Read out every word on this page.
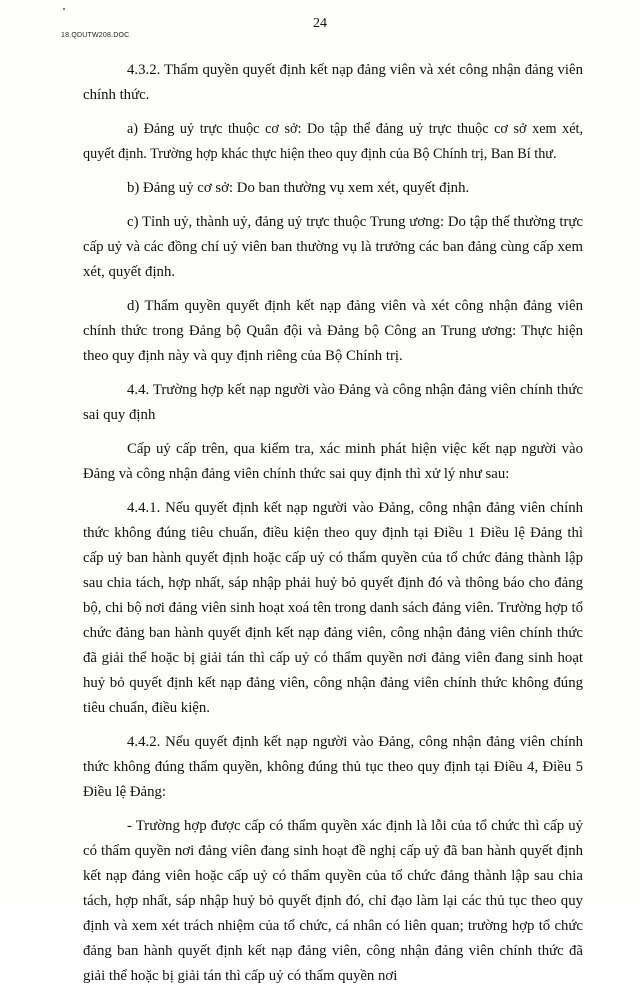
18.QDUTW208.DOC
24

4.3.2. Thẩm quyền quyết định kết nạp đảng viên và xét công nhận đảng viên chính thức.

a) Đảng uỷ trực thuộc cơ sở: Do tập thể đảng uỷ trực thuộc cơ sở xem xét, quyết định. Trường hợp khác thực hiện theo quy định của Bộ Chính trị, Ban Bí thư.

b) Đảng uỷ cơ sở: Do ban thường vụ xem xét, quyết định.

c) Tỉnh uỷ, thành uỷ, đảng uỷ trực thuộc Trung ương: Do tập thể thường trực cấp uỷ và các đồng chí uỷ viên ban thường vụ là trưởng các ban đảng cùng cấp xem xét, quyết định.

d) Thẩm quyền quyết định kết nạp đảng viên và xét công nhận đảng viên chính thức trong Đảng bộ Quân đội và Đảng bộ Công an Trung ương: Thực hiện theo quy định này và quy định riêng của Bộ Chính trị.

4.4. Trường hợp kết nạp người vào Đảng và công nhận đảng viên chính thức sai quy định

Cấp uỷ cấp trên, qua kiểm tra, xác minh phát hiện việc kết nạp người vào Đảng và công nhận đảng viên chính thức sai quy định thì xử lý như sau:

4.4.1. Nếu quyết định kết nạp người vào Đảng, công nhận đảng viên chính thức không đúng tiêu chuẩn, điều kiện theo quy định tại Điều 1 Điều lệ Đảng thì cấp uỷ ban hành quyết định hoặc cấp uỷ có thẩm quyền của tổ chức đảng thành lập sau chia tách, hợp nhất, sáp nhập phải huỷ bỏ quyết định đó và thông báo cho đảng bộ, chi bộ nơi đảng viên sinh hoạt xoá tên trong danh sách đảng viên. Trường hợp tổ chức đảng ban hành quyết định kết nạp đảng viên, công nhận đảng viên chính thức đã giải thể hoặc bị giải tán thì cấp uỷ có thẩm quyền nơi đảng viên đang sinh hoạt huỷ bỏ quyết định kết nạp đảng viên, công nhận đảng viên chính thức không đúng tiêu chuẩn, điều kiện.

4.4.2. Nếu quyết định kết nạp người vào Đảng, công nhận đảng viên chính thức không đúng thẩm quyền, không đúng thủ tục theo quy định tại Điều 4, Điều 5 Điều lệ Đảng:

- Trường hợp được cấp có thẩm quyền xác định là lỗi của tổ chức thì cấp uỷ có thẩm quyền nơi đảng viên đang sinh hoạt đề nghị cấp uỷ đã ban hành quyết định kết nạp đảng viên hoặc cấp uỷ có thẩm quyền của tổ chức đảng thành lập sau chia tách, hợp nhất, sáp nhập huỷ bỏ quyết định đó, chỉ đạo làm lại các thủ tục theo quy định và xem xét trách nhiệm của tổ chức, cá nhân có liên quan; trường hợp tổ chức đảng ban hành quyết định kết nạp đảng viên, công nhận đảng viên chính thức đã giải thể hoặc bị giải tán thì cấp uỷ có thẩm quyền nơi
